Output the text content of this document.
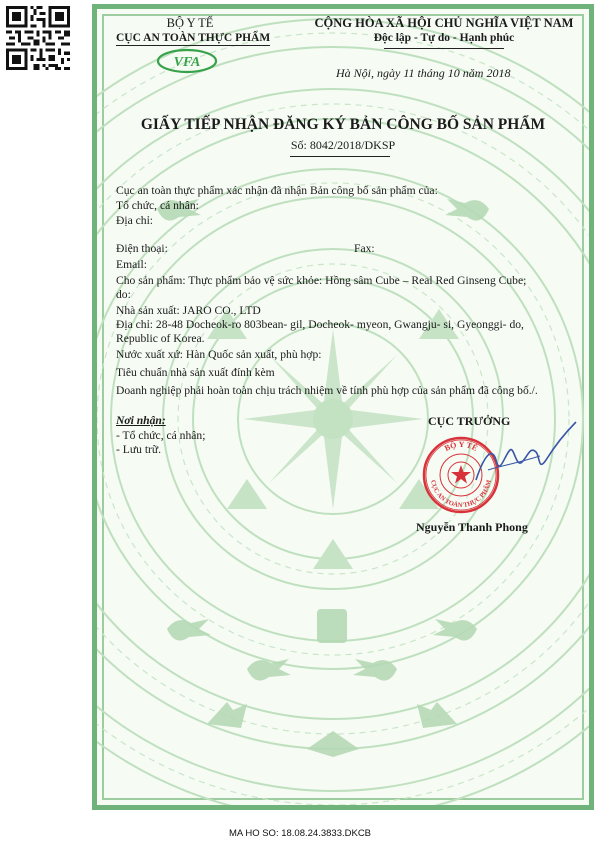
BỘ Y TẾ
CỤC AN TOÀN THỰC PHẨM
VFA
CỘNG HÒA XÃ HỘI CHỦ NGHĨA VIỆT NAM
Độc lập - Tự do - Hạnh phúc
Hà Nội, ngày 11 tháng 10 năm 2018
GIẤY TIẾP NHẬN ĐĂNG KÝ BẢN CÔNG BỐ SẢN PHẨM
Số: 8042/2018/DKSP
Cục an toàn thực phẩm xác nhận đã nhận Bản công bố sản phẩm của:
Tổ chức, cá nhân:
Địa chỉ:
Điện thoại:	Fax:
Email:
Cho sản phẩm: Thực phẩm bảo vệ sức khỏe: Hồng sâm Cube – Real Red Ginseng Cube;
do:
Nhà sản xuất: JARO CO., LTD
Địa chỉ: 28-48 Docheok-ro 803bean- gil, Docheok- myeon, Gwangju- si, Gyeonggi- do,
Republic of Korea.
Nước xuất xứ: Hàn Quốc sản xuất, phù hợp:
Tiêu chuẩn nhà sản xuất đính kèm
Doanh nghiệp phải hoàn toàn chịu trách nhiệm về tính phù hợp của sản phẩm đã công bố./.
Nơi nhận:
- Tổ chức, cá nhân;
- Lưu trữ.
CỤC TRƯỞNG
BỘ Y TẾ
CỤC AN TOÀN THỰC PHẨM
Nguyễn Thanh Phong
MA HO SO: 18.08.24.3833.DKCB
